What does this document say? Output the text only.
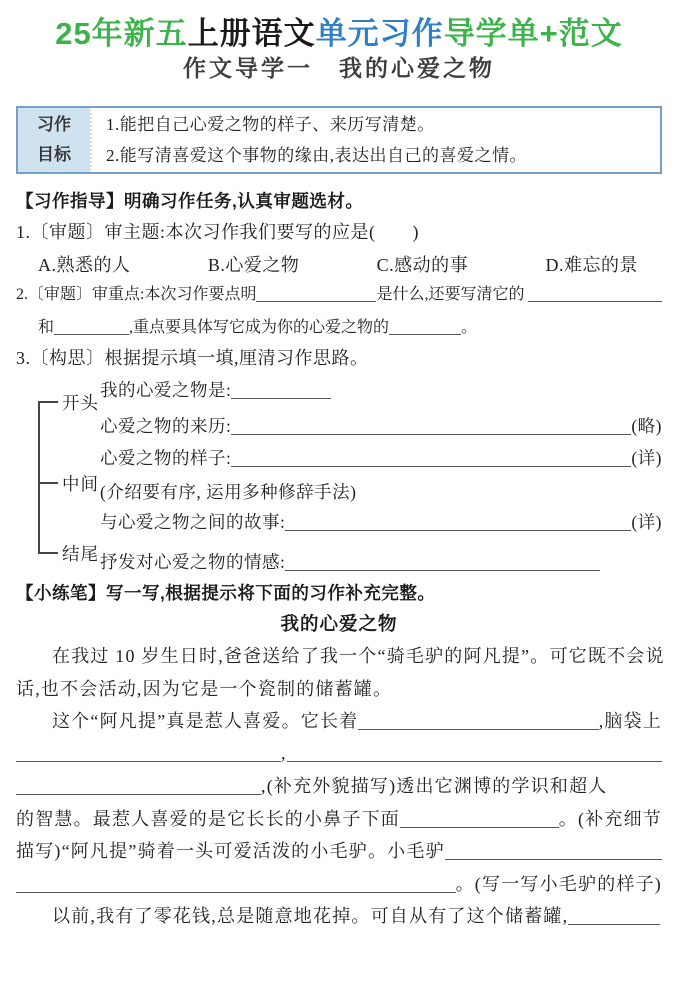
25年新五上册语文单元习作导学单+范文
作文导学一　我的心爱之物
习作
目标
1.能把自己心爱之物的样子、来历写清楚。
2.能写清喜爱这个事物的缘由,表达出自己的喜爱之情。
【习作指导】明确习作任务,认真审题选材。
1.〔审题〕审主题:本次习作我们要写的应是(　　)
A.熟悉的人	B.心爱之物	C.感动的事	D.难忘的景
2.〔审题〕审重点:本次习作要点明	是什么,还要写清它的
和	,重点要具体写它成为你的心爱之物的	。
3.〔构思〕根据提示填一填,厘清习作思路。
开头
中间
结尾
我的心爱之物是:
心爱之物的来历:	(略)
心爱之物的样子:	(详)
(介绍要有序, 运用多种修辞手法)
与心爱之物之间的故事:	(详)
抒发对心爱之物的情感:
【小练笔】写一写,根据提示将下面的习作补充完整。
我的心爱之物
在我过 10 岁生日时,爸爸送给了我一个“骑毛驴的阿凡提”。可它既不会说
话,也不会活动,因为它是一个瓷制的储蓄罐。
这个“阿凡提”真是惹人喜爱。它长着	,脑袋上
,
,(补充外貌描写)透出它渊博的学识和超人
的智慧。最惹人喜爱的是它长长的小鼻子下面	。(补充细节
描写)“阿凡提”骑着一头可爱活泼的小毛驴。小毛驴
。(写一写小毛驴的样子)
以前,我有了零花钱,总是随意地花掉。可自从有了这个储蓄罐,
